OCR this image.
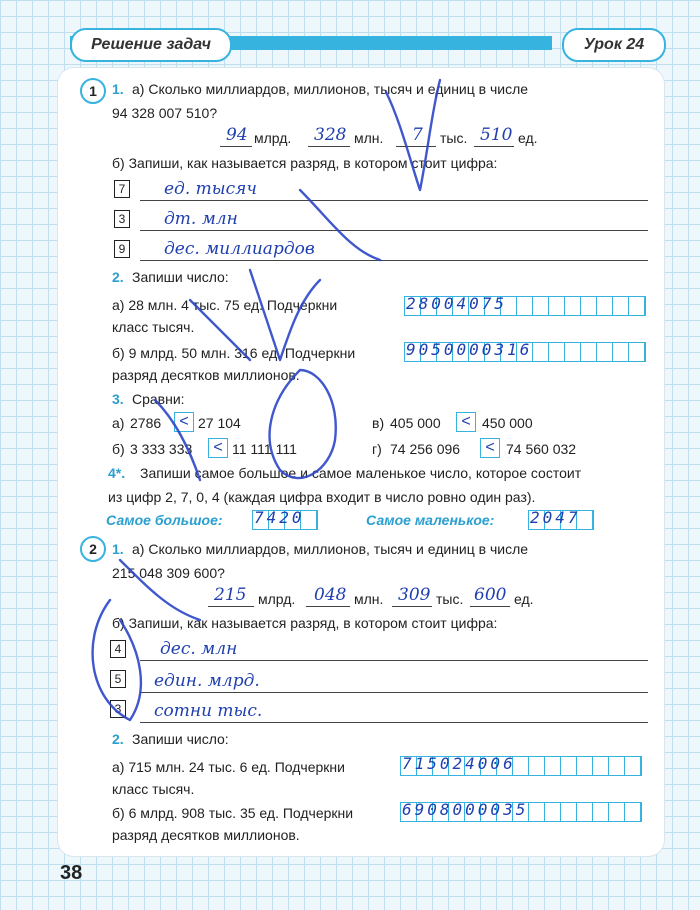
Решение задач	Урок 24
1	1. а) Сколько миллиардов, миллионов, тысяч и единиц в числе
94 328 007 510?
94 млрд. 328 млн. 7 тыс. 510 ед.
б) Запиши, как называется разряд, в котором стоит цифра:
7 ед. тысяч
3 дт. млн
9 дес. миллиардов
2. Запиши число:
а) 28 млн. 4 тыс. 75 ед. Подчеркни
класс тысяч.
28004075
б) 9 млрд. 50 млн. 316 ед. Подчеркни
разряд десятков миллионов.
9050000316
3. Сравни:
а) 2786	< 27 104	в) 405 000	< 450 000
б) 3 333 333	< 11 111 111	г) 74 256 096	< 74 560 032
4*. Запиши самое большое и самое маленькое число, которое состоит
из цифр 2, 7, 0, 4 (каждая цифра входит в число ровно один раз).
Самое большое: 7420	Самое маленькое: 2047
2	1. а) Сколько миллиардов, миллионов, тысяч и единиц в числе
215 048 309 600?
215 млрд. 048 млн. 309 тыс. 600 ед.
б) Запиши, как называется разряд, в котором стоит цифра:
4 дес. млн
5 един. млрд.
3 сотни тыс.
2. Запиши число:
а) 715 млн. 24 тыс. 6 ед. Подчеркни
класс тысяч.
715024006
б) 6 млрд. 908 тыс. 35 ед. Подчеркни
разряд десятков миллионов.
6908000035
38
